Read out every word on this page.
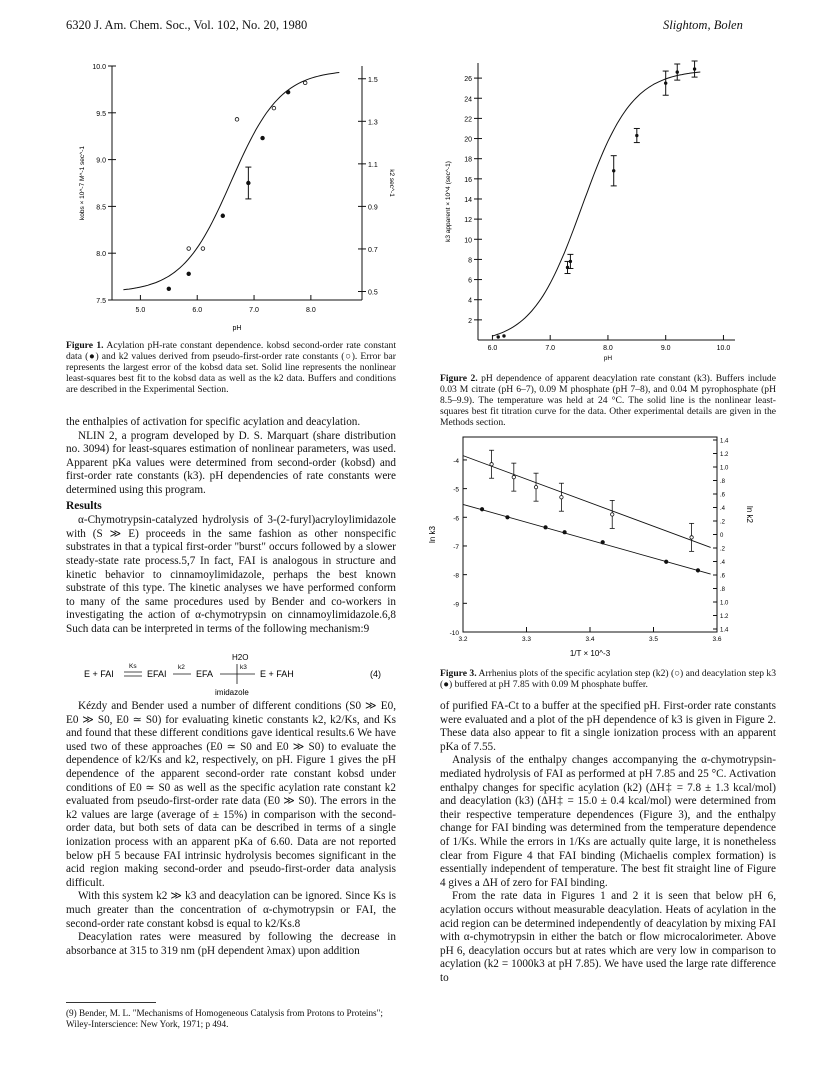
6320 J. Am. Chem. Soc., Vol. 102, No. 20, 1980	Slightom, Bolen
5.0	6.0	7.0	8.0
7.5
8.0
8.5
9.0
9.5
10.0
0.5
0.7
0.9
1.1
1.3
1.5
pH
kobs × 10^-7 M^-1 sec^-1	k2 sec^-1
Figure 1. Acylation pH-rate constant dependence. kobsd second-order rate constant data (●) and k2 values derived from pseudo-first-order rate constants (○). Error bar represents the largest error of the kobsd data set. Solid line represents the nonlinear least-squares best fit to the kobsd data as well as the k2 data. Buffers and conditions are described in the Experimental Section.
6.0	7.0	8.0	9.0	10.0
2
4
6
8
10
12
14
16
18
20
22
24
26
pH
k3 apparent × 10^4 (sec^-1)
Figure 2. pH dependence of apparent deacylation rate constant (k3). Buffers include 0.03 M citrate (pH 6–7), 0.09 M phosphate (pH 7–8), and 0.04 M pyrophosphate (pH 8.5–9.9). The temperature was held at 24 °C. The solid line is the nonlinear least-squares best fit titration curve for the data. Other experimental details are given in the Methods section.
3.2	3.3	3.4	3.5	3.6
-4
-5
-6
-7
-8
-9
-10
1.4
1.2
1.0
.8
.6
.4
.2
0
.2
.4
.6
.8
1.0
1.2
1.4
1/T × 10^-3
ln k3
ln k2
Figure 3. Arrhenius plots of the specific acylation step (k2) (○) and deacylation step k3 (●) buffered at pH 7.85 with 0.09 M phosphate buffer.

the enthalpies of activation for specific acylation and deacylation.

NLIN 2, a program developed by D. S. Marquart (share distribution no. 3094) for least-squares estimation of nonlinear parameters, was used. Apparent pKa values were determined from second-order (kobsd) and first-order rate constants (k3). pH dependencies of rate constants were determined using this program.

Results

α-Chymotrypsin-catalyzed hydrolysis of 3-(2-furyl)acryloylimidazole with (S ≫ E) proceeds in the same fashion as other nonspecific substrates in that a typical first-order "burst" occurs followed by a slower steady-state rate process.5,7 In fact, FAI is analogous in structure and kinetic behavior to cinnamoylimidazole, perhaps the best known substrate of this type. The kinetic analyses we have performed conform to many of the same procedures used by Bender and co-workers in investigating the action of α-chymotrypsin on cinnamoylimidazole.6,8 Such data can be interpreted in terms of the following mechanism:9

H2O
E + FAI
Ks
EFAI
k2
EFA
k3
E + FAH	(4)
imidazole

Kézdy and Bender used a number of different conditions (S0 ≫ E0, E0 ≫ S0, E0 ≃ S0) for evaluating kinetic constants k2, k2/Ks, and Ks and found that these different conditions gave identical results.6 We have used two of these approaches (E0 ≃ S0 and E0 ≫ S0) to evaluate the dependence of k2/Ks and k2, respectively, on pH. Figure 1 gives the pH dependence of the apparent second-order rate constant kobsd under conditions of E0 ≃ S0 as well as the specific acylation rate constant k2 evaluated from pseudo-first-order rate data (E0 ≫ S0). The errors in the k2 values are large (average of ± 15%) in comparison with the second-order data, but both sets of data can be described in terms of a single ionization process with an apparent pKa of 6.60. Data are not reported below pH 5 because FAI intrinsic hydrolysis becomes significant in the acid region making second-order and pseudo-first-order data analysis difficult.

With this system k2 ≫ k3 and deacylation can be ignored. Since Ks is much greater than the concentration of α-chymotrypsin or FAI, the second-order rate constant kobsd is equal to k2/Ks.8

Deacylation rates were measured by following the decrease in absorbance at 315 to 319 nm (pH dependent λmax) upon addition

(9) Bender, M. L. "Mechanisms of Homogeneous Catalysis from Protons to Proteins"; Wiley-Interscience: New York, 1971; p 494.

of purified FA-Ct to a buffer at the specified pH. First-order rate constants were evaluated and a plot of the pH dependence of k3 is given in Figure 2. These data also appear to fit a single ionization process with an apparent pKa of 7.55.

Analysis of the enthalpy changes accompanying the α-chymotrypsin-mediated hydrolysis of FAI as performed at pH 7.85 and 25 °C. Activation enthalpy changes for specific acylation (k2) (ΔH‡ = 7.8 ± 1.3 kcal/mol) and deacylation (k3) (ΔH‡ = 15.0 ± 0.4 kcal/mol) were determined from their respective temperature dependences (Figure 3), and the enthalpy change for FAI binding was determined from the temperature dependence of 1/Ks. While the errors in 1/Ks are actually quite large, it is nonetheless clear from Figure 4 that FAI binding (Michaelis complex formation) is essentially independent of temperature. The best fit straight line of Figure 4 gives a ΔH of zero for FAI binding.

From the rate data in Figures 1 and 2 it is seen that below pH 6, acylation occurs without measurable deacylation. Heats of acylation in the acid region can be determined independently of deacylation by mixing FAI with α-chymotrypsin in either the batch or flow microcalorimeter. Above pH 6, deacylation occurs but at rates which are very low in comparison to acylation (k2 = 1000k3 at pH 7.85). We have used the large rate difference to
